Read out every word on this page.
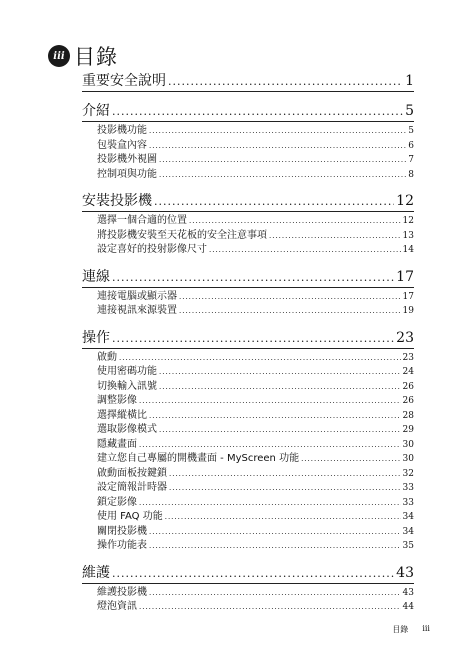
iii 目錄
重要安全說明 .....	1
介紹 .....	5
投影機功能 .....	5
包裝盒內容 .....	6
投影機外視圖 .....	7
控制項與功能 .....	8
安裝投影機 .....	12
選擇一個合適的位置 .....	12
將投影機安裝至天花板的安全注意事項 .....	13
設定喜好的投射影像尺寸 .....	14
連線 .....	17
連接電腦或顯示器 .....	17
連接視訊來源裝置 .....	19
操作 .....	23
啟動 .....	23
使用密碼功能 .....	24
切換輸入訊號 .....	26
調整影像 .....	26
選擇縱橫比 .....	28
選取影像模式 .....	29
隱藏畫面 .....	30
建立您自己專屬的開機畫面 - MyScreen 功能 .....	30
啟動面板按鍵鎖 .....	32
設定簡報計時器 .....	33
鎖定影像 .....	33
使用 FAQ 功能 .....	34
關閉投影機 .....	34
操作功能表 .....	35
維護 .....	43
維護投影機 .....	43
燈泡資訊 .....	44
目錄 iii
